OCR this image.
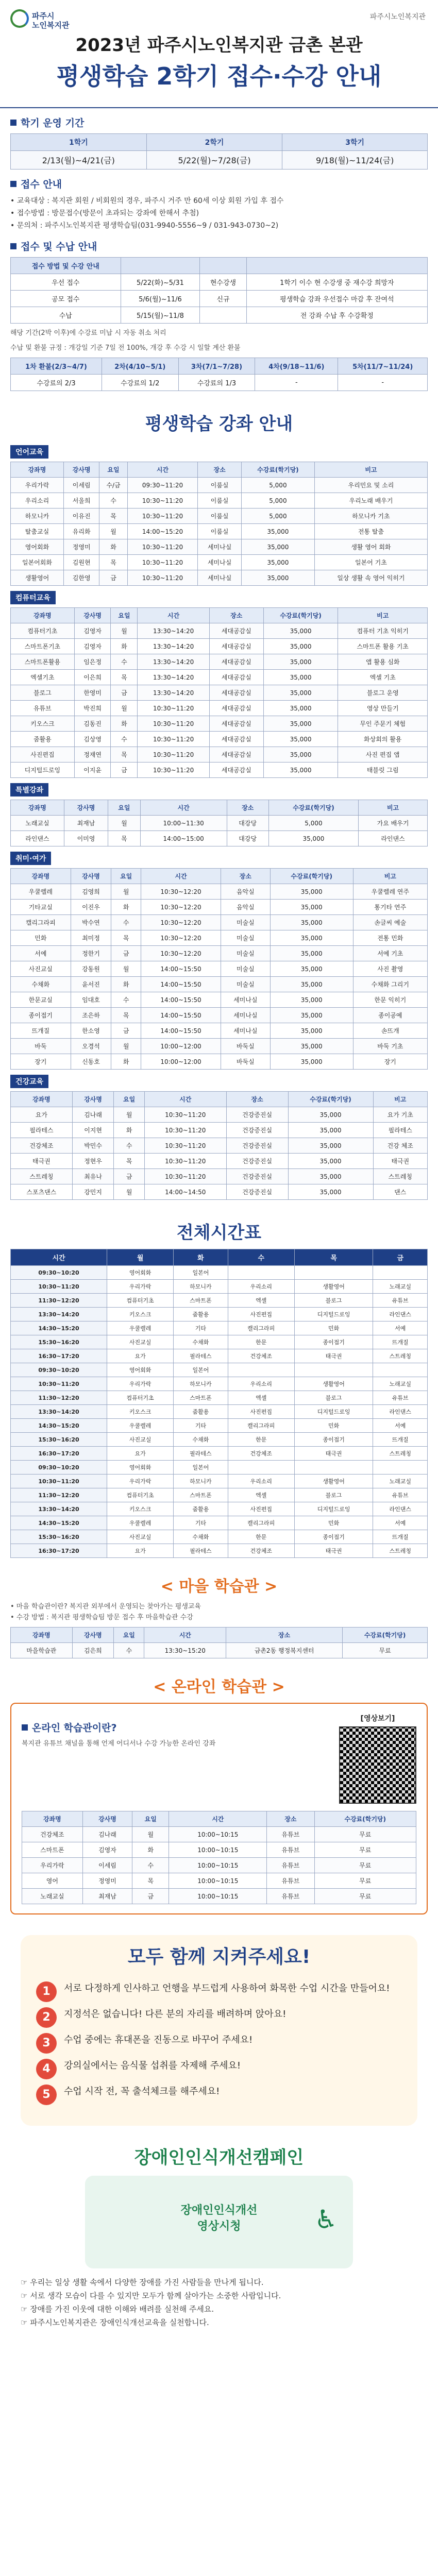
파주시
노인복지관
파주시노인복지관
2023년 파주시노인복지관 금촌 본관
평생학습 2학기 접수·수강 안내
학기 운영 기간
1학기	2학기	3학기
2/13(월)~4/21(금)	5/22(월)~7/28(금)	9/18(월)~11/24(금)
접수 안내
• 교육대상 : 복지관 회원 / 비회원의 경우, 파주시 거주 만 60세 이상 회원 가입 후 접수
• 접수방법 : 방문접수(방문이 초과되는 강좌에 한해서 추첨)
• 문의처 : 파주시노인복지관 평생학습팀(031-9940-5556~9 / 031-943-0730~2)
접수 및 수납 안내
접수 방법 및 수강 안내			
우선 접수	5/22(화)~5/31	현수강생	1학기 이수 현 수강생 중 재수강 희망자
공모 접수	5/6(월)~11/6	신규	평생학습 강좌 우선접수 마감 후 잔여석
수납	5/15(월)~11/8		전 강좌 수납 후 수강확정
해당 기간(2박 이후)에 수강료 미납 시 자동 취소 처리
수납 및 환불 규정 : 개강일 기준 7일 전 100%, 개강 후 수강 시 일할 계산 환불
1차 환불(2/3~4/7)	2차(4/10~5/1)	3차(7/1~7/28)	4차(9/18~11/6)	5차(11/7~11/24)
수강료의 2/3	수강료의 1/2	수강료의 1/3	-	-
평생학습 강좌 안내
언어교육
강좌명	강사명	요일	시간	장소	수강료(학기당)	비고
우리가락	이세림	수/금	09:30~11:20	이룸실	5,000	우리민요 및 소리
우리소리	서울희	수	10:30~11:20	이룸실	5,000	우리노래 배우기
하모니카	이유진	목	10:30~11:20	이룸실	5,000	하모니카 기초
탈춤교실	유리화	월	14:00~15:20	이룸실	35,000	전통 탈춤
영어회화	정영미	화	10:30~11:20	세미나실	35,000	생활 영어 회화
일본어회화	김원현	목	10:30~11:20	세미나실	35,000	일본어 기초
생활영어	김한영	금	10:30~11:20	세미나실	35,000	일상 생활 속 영어 익히기
컴퓨터교육
강좌명	강사명	요일	시간	장소	수강료(학기당)	비고
컴퓨터기초	김영자	월	13:30~14:20	세대공감실	35,000	컴퓨터 기초 익히기
스마트폰기초	김영자	화	13:30~14:20	세대공감실	35,000	스마트폰 활용 기초
스마트폰활용	임은정	수	13:30~14:20	세대공감실	35,000	앱 활용 심화
엑셀기초	이은희	목	13:30~14:20	세대공감실	35,000	엑셀 기초
블로그	한영미	금	13:30~14:20	세대공감실	35,000	블로그 운영
유튜브	박진희	월	10:30~11:20	세대공감실	35,000	영상 만들기
키오스크	김동진	화	10:30~11:20	세대공감실	35,000	무인 주문기 체험
줌활용	김상영	수	10:30~11:20	세대공감실	35,000	화상회의 활용
사진편집	정재연	목	10:30~11:20	세대공감실	35,000	사진 편집 앱
디지털드로잉	이지윤	금	10:30~11:20	세대공감실	35,000	태블릿 그림
특별강좌
강좌명	강사명	요일	시간	장소	수강료(학기당)	비고
노래교실	최재남	월	10:00~11:30	대강당	5,000	가요 배우기
라인댄스	이미영	목	14:00~15:00	대강당	35,000	라인댄스
취미·여가
강좌명	강사명	요일	시간	장소	수강료(학기당)	비고
우쿨렐레	김영희	월	10:30~12:20	음악실	35,000	우쿨렐레 연주
기타교실	이진우	화	10:30~12:20	음악실	35,000	통기타 연주
캘리그라피	박수연	수	10:30~12:20	미술실	35,000	손글씨 예술
민화	최미정	목	10:30~12:20	미술실	35,000	전통 민화
서예	정한기	금	10:30~12:20	미술실	35,000	서예 기초
사진교실	강동원	월	14:00~15:50	미술실	35,000	사진 촬영
수채화	윤서진	화	14:00~15:50	미술실	35,000	수채화 그리기
한문교실	임대호	수	14:00~15:50	세미나실	35,000	한문 익히기
종이접기	조은하	목	14:00~15:50	세미나실	35,000	종이공예
뜨개질	한소영	금	14:00~15:50	세미나실	35,000	손뜨개
바둑	오경석	월	10:00~12:00	바둑실	35,000	바둑 기초
장기	신동호	화	10:00~12:00	바둑실	35,000	장기
건강교육
강좌명	강사명	요일	시간	장소	수강료(학기당)	비고
요가	김나래	월	10:30~11:20	건강증진실	35,000	요가 기초
필라테스	이지현	화	10:30~11:20	건강증진실	35,000	필라테스
건강체조	박민수	수	10:30~11:20	건강증진실	35,000	건강 체조
태극권	정현우	목	10:30~11:20	건강증진실	35,000	태극권
스트레칭	최유나	금	10:30~11:20	건강증진실	35,000	스트레칭
스포츠댄스	강민지	월	14:00~14:50	건강증진실	35,000	댄스
전체시간표
시간	월	화	수	목	금
09:30~10:20	영어회화	일본어			
10:30~11:20	우리가락	하모니카	우리소리	생활영어	노래교실
11:30~12:20	컴퓨터기초	스마트폰	엑셀	블로그	유튜브
13:30~14:20	키오스크	줌활용	사진편집	디지털드로잉	라인댄스
14:30~15:20	우쿨렐레	기타	캘리그라피	민화	서예
15:30~16:20	사진교실	수채화	한문	종이접기	뜨개질
16:30~17:20	요가	필라테스	건강체조	태극권	스트레칭
09:30~10:20	영어회화	일본어			
10:30~11:20	우리가락	하모니카	우리소리	생활영어	노래교실
11:30~12:20	컴퓨터기초	스마트폰	엑셀	블로그	유튜브
13:30~14:20	키오스크	줌활용	사진편집	디지털드로잉	라인댄스
14:30~15:20	우쿨렐레	기타	캘리그라피	민화	서예
15:30~16:20	사진교실	수채화	한문	종이접기	뜨개질
16:30~17:20	요가	필라테스	건강체조	태극권	스트레칭
09:30~10:20	영어회화	일본어			
10:30~11:20	우리가락	하모니카	우리소리	생활영어	노래교실
11:30~12:20	컴퓨터기초	스마트폰	엑셀	블로그	유튜브
13:30~14:20	키오스크	줌활용	사진편집	디지털드로잉	라인댄스
14:30~15:20	우쿨렐레	기타	캘리그라피	민화	서예
15:30~16:20	사진교실	수채화	한문	종이접기	뜨개질
16:30~17:20	요가	필라테스	건강체조	태극권	스트레칭
< 마을 학습관 >
• 마을 학습관이란? 복지관 외부에서 운영되는 찾아가는 평생교육
• 수강 방법 : 복지관 평생학습팀 방문 접수 후 마을학습관 수강
강좌명	강사명	요일	시간	장소	수강료(학기당)
마을학습관	김은희	수	13:30~15:20	금촌2동 행정복지센터	무료
< 온라인 학습관 >
온라인 학습관이란?
복지관 유튜브 채널을 통해 언제 어디서나 수강 가능한 온라인 강좌
[영상보기]
강좌명	강사명	요일	시간	장소	수강료(학기당)
건강체조	김나래	월	10:00~10:15	유튜브	무료
스마트폰	김영자	화	10:00~10:15	유튜브	무료
우리가락	이세림	수	10:00~10:15	유튜브	무료
영어	정영미	목	10:00~10:15	유튜브	무료
노래교실	최재남	금	10:00~10:15	유튜브	무료
모두 함께 지켜주세요!
1	서로 다정하게 인사하고 언행을 부드럽게 사용하여 화목한 수업 시간을 만들어요!
2	지정석은 없습니다! 다른 분의 자리를 배려하며 앉아요!
3	수업 중에는 휴대폰을 진동으로 바꾸어 주세요!
4	강의실에서는 음식물 섭취를 자제해 주세요!
5	수업 시작 전, 꼭 출석체크를 해주세요!
장애인인식개선캠페인
장애인인식개선
영상시청	♿
☞ 우리는 일상 생활 속에서 다양한 장애를 가진 사람들을 만나게 됩니다.
☞ 서로 생각 모습이 다를 수 있지만 모두가 함께 살아가는 소중한 사람입니다.
☞ 장애를 가진 이웃에 대한 이해와 배려를 실천해 주세요.
☞ 파주시노인복지관은 장애인식개선교육을 실천합니다.
